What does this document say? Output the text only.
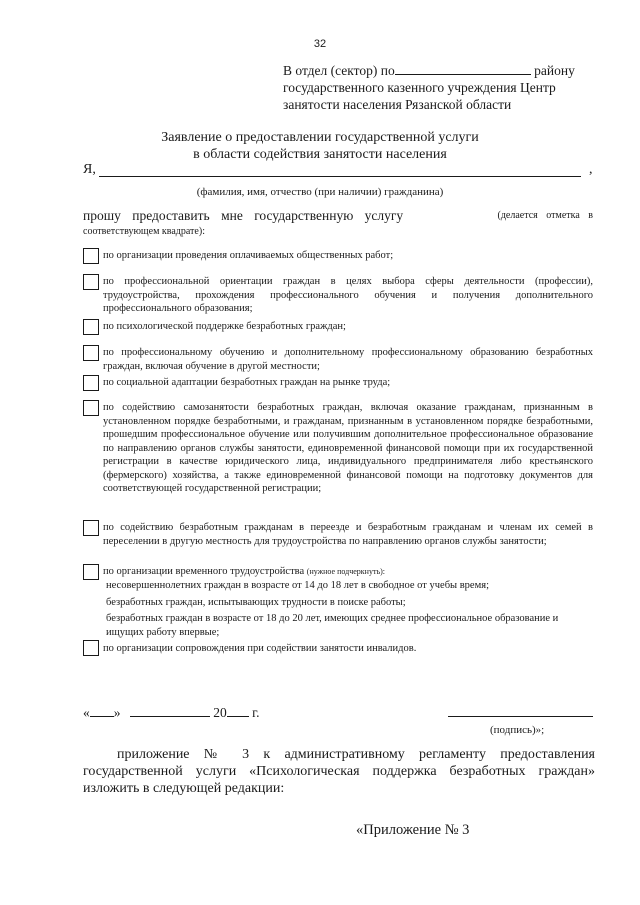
32
В отдел (сектор) по	району
государственного казенного учреждения Центр
занятости населения Рязанской области
Заявление о предоставлении государственной услуги
в области содействия занятости населения
Я,	,
(фамилия, имя, отчество (при наличии) гражданина)
прошу предоставить мне государственную услугу	(делается отметка в
соответствующем квадрате):
по организации проведения оплачиваемых общественных работ;
по профессиональной ориентации граждан в целях выбора сферы деятельности (профессии), трудоустройства, прохождения профессионального обучения и получения дополнительного профессионального образования;
по психологической поддержке безработных граждан;
по профессиональному обучению и дополнительному профессиональному образованию безработных граждан, включая обучение в другой местности;
по социальной адаптации безработных граждан на рынке труда;
по содействию самозанятости безработных граждан, включая оказание гражданам, признанным в установленном порядке безработными, и гражданам, признанным в установленном порядке безработными, прошедшим профессиональное обучение или получившим дополнительное профессиональное образование по направлению органов службы занятости, единовременной финансовой помощи при их государственной регистрации в качестве юридического лица, индивидуального предпринимателя либо крестьянского (фермерского) хозяйства, а также единовременной финансовой помощи на подготовку документов для соответствующей государственной регистрации;
по содействию безработным гражданам в переезде и безработным гражданам и членам их семей в переселении в другую местность для трудоустройства по направлению органов службы занятости;
по организации временного трудоустройства (нужное подчеркнуть):
несовершеннолетних граждан в возрасте от 14 до 18 лет в свободное от учебы время;
безработных граждан, испытывающих трудности в поиске работы;
безработных граждан в возрасте от 18 до 20 лет, имеющих среднее профессиональное образование и ищущих работу впервые;
по организации сопровождения при содействии занятости инвалидов.
« »	20 г.
(подпись)»;
приложение № 3 к административному регламенту предоставления государственной услуги «Психологическая поддержка безработных граждан» изложить в следующей редакции:
«Приложение № 3
